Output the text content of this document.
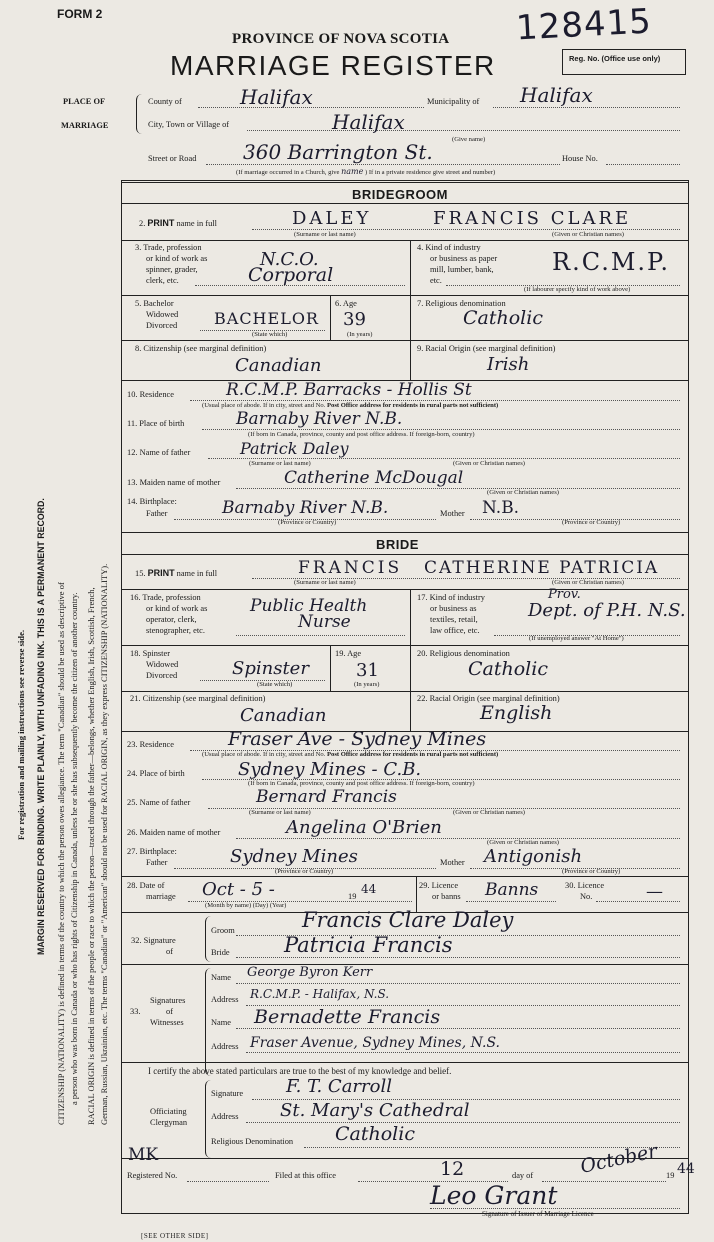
FORM 2	128415
PROVINCE OF NOVA SCOTIA
MARRIAGE REGISTER	Reg. No. (Office use only)
PLACE OF
MARRIAGE
County of	Halifax	Municipality of Halifax
City, Town or Village of	Halifax
(Give name)
Street or Road 360 Barrington St.	House No.
(If marriage occurred in a Church, give name ) If in a private residence give street and number)
BRIDEGROOM
2. PRINT name in full	DALEY	FRANCIS CLARE
(Surname or last name)	(Given or Christian names)
3. Trade, profession
or kind of work as
spinner, grader,
clerk, etc.
N.C.O.
Corporal
4. Kind of industry
or business as paper
mill, lumber, bank,
etc.
R.C.M.P.
(If labourer specify kind of work above)
5. Bachelor
Widowed
Divorced BACHELOR
(State which)
6. Age
39
(In years)
7. Religious denomination
Catholic
8. Citizenship (see marginal definition)
Canadian
9. Racial Origin (see marginal definition)
Irish
10. Residence	R.C.M.P. Barracks - Hollis St
(Usual place of abode. If in city, street and No. Post Office address for residents in rural parts not sufficient)
11. Place of birth	Barnaby River N.B.
(If born in Canada, province, county and post office address. If foreign-born, country)
12. Name of father	Patrick Daley
(Surname or last name)	(Given or Christian names)
13. Maiden name of mother	Catherine McDougal
(Given or Christian names)
14. Birthplace:
Father	Barnaby River N.B.	Mother N.B.
(Province or Country)	(Province or Country)
BRIDE
15. PRINT name in full	FRANCIS CATHERINE PATRICIA
(Surname or last name)	(Given or Christian names)
16. Trade, profession
or kind of work as
operator, clerk,
stenographer, etc.
Public Health
Nurse
17. Kind of industry
or business as
textiles, retail,
law office, etc.
Prov.
Dept. of P.H. N.S.
(If unemployed answer "At Home")
18. Spinster
Widowed
Divorced	Spinster
(State which)
19. Age
31
(In years)
20. Religious denomination
Catholic
21. Citizenship (see marginal definition)
Canadian
22. Racial Origin (see marginal definition)
English
23. Residence	Fraser Ave - Sydney Mines
(Usual place of abode. If in city, street and No. Post Office address for residents in rural parts not sufficient)
24. Place of birth	Sydney Mines - C.B.
(If born in Canada, province, county and post office address. If foreign-born, country)
25. Name of father	Bernard Francis
(Surname or last name)	(Given or Christian names)
26. Maiden name of mother	Angelina O'Brien
(Given or Christian names)
27. Birthplace:
Father	Sydney Mines	Mother Antigonish
(Province or Country)	(Province or Country)
28. Date of
marriage Oct - 5 -	19
44
(Month by name) (Day) (Year)
29. Licence
or banns Banns	30. Licence
No.	—
32. Signature
of
Groom	Francis Clare Daley
Bride	Patricia Francis
Signatures
of
33.
Witnesses
Name George Byron Kerr
Address R.C.M.P. - Halifax, N.S.
Name Bernadette Francis
Address Fraser Avenue, Sydney Mines, N.S.
I certify the above stated particulars are true to the best of my knowledge and belief.
Officiating
Clergyman
Signature F. T. Carroll
Address St. Mary's Cathedral
Religious Denomination Catholic
MK
Registered No.	Filed at this office	12	day of October 19 44
Leo Grant
Signature of Issuer of Marriage Licence
[SEE OTHER SIDE]
For registration and mailing instructions see reverse side. MARGIN RESERVED FOR BINDING. WRITE PLAINLY, WITH UNFADING INK. THIS IS A PERMANENT RECORD. CITIZENSHIP (NATIONALITY) is defined in terms of the country to which the person owes allegiance. The term "Canadian" should be used as descriptive of a person who was born in Canada or who has rights of Citizenship in Canada, unless he or she has subsequently become the citizen of another country. RACIAL ORIGIN is defined in terms of the people or race to which the person—traced through the father—belongs, whether English, Irish, Scottish, French, German, Russian, Ukrainian, etc. The terms "Canadian" or "American" should not be used for RACIAL ORIGIN, as they express CITIZENSHIP (NATIONALITY).
